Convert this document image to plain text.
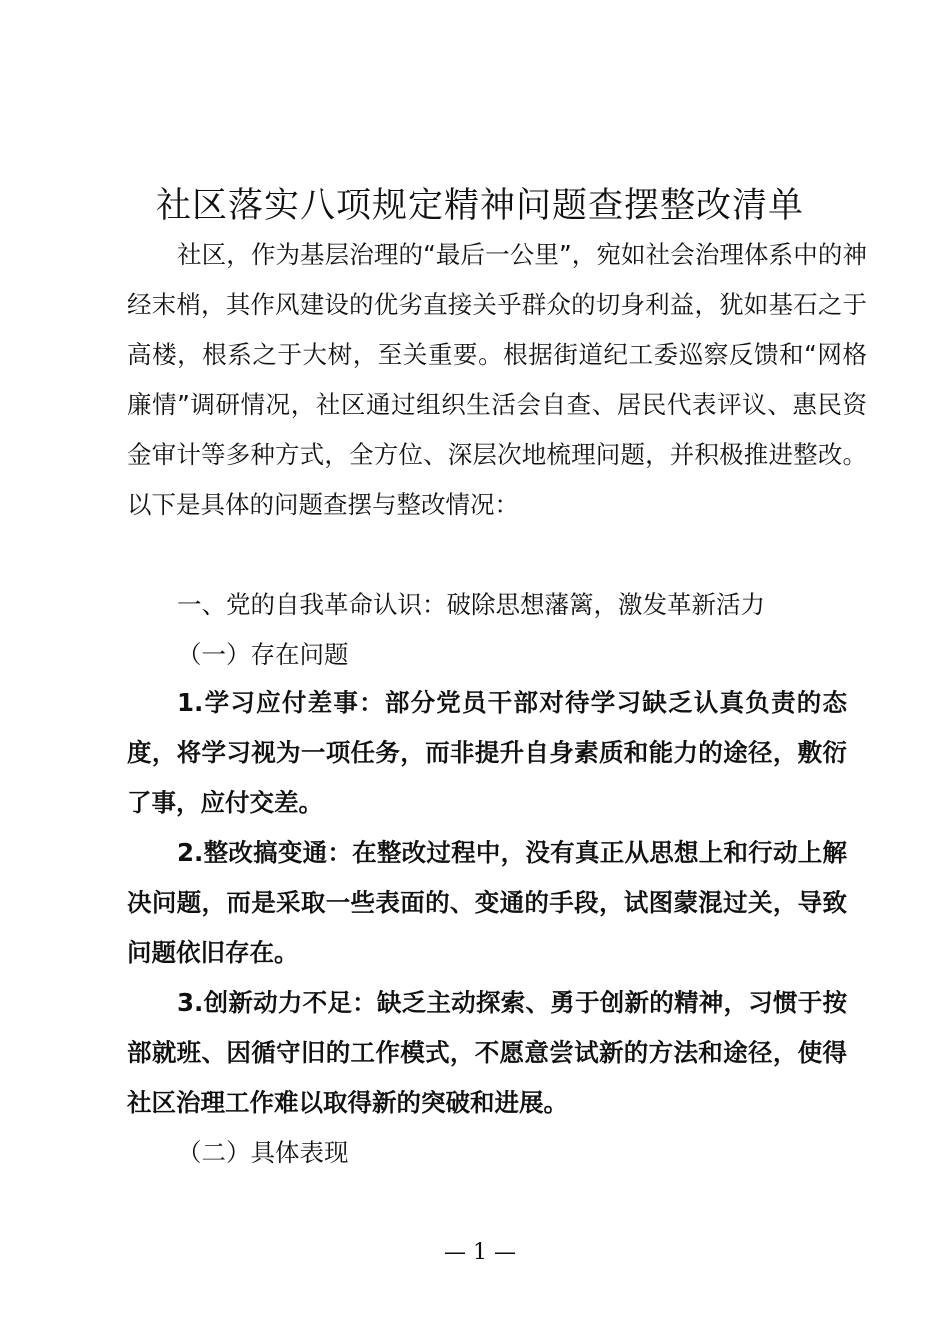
社区落实八项规定精神问题查摆整改清单
社区，作为基层治理的“最后一公里”，宛如社会治理体系中的神经末梢，其作风建设的优劣直接关乎群众的切身利益，犹如基石之于高楼，根系之于大树，至关重要。根据街道纪工委巡察反馈和“网格廉情”调研情况，社区通过组织生活会自查、居民代表评议、惠民资金审计等多种方式，全方位、深层次地梳理问题，并积极推进整改。以下是具体的问题查摆与整改情况：
一、党的自我革命认识：破除思想藩篱，激发革新活力
（一）存在问题
1.学习应付差事：部分党员干部对待学习缺乏认真负责的态度，将学习视为一项任务，而非提升自身素质和能力的途径，敷衍了事，应付交差。
2.整改搞变通：在整改过程中，没有真正从思想上和行动上解决问题，而是采取一些表面的、变通的手段，试图蒙混过关，导致问题依旧存在。
3.创新动力不足：缺乏主动探索、勇于创新的精神，习惯于按部就班、因循守旧的工作模式，不愿意尝试新的方法和途径，使得社区治理工作难以取得新的突破和进展。
（二）具体表现
— 1 —
